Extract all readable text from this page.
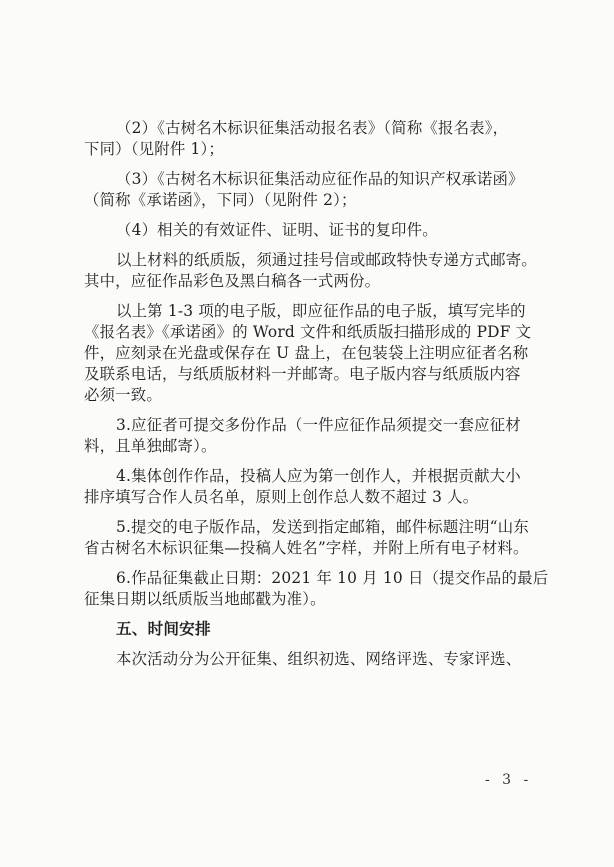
（2）《古树名木标识征集活动报名表》（简称《报名表》，
下同）（见附件 1）；
（3）《古树名木标识征集活动应征作品的知识产权承诺函》
（简称《承诺函》，下同）（见附件 2）；
（4）相关的有效证件、证明、证书的复印件。
以上材料的纸质版，须通过挂号信或邮政特快专递方式邮寄。
其中，应征作品彩色及黑白稿各一式两份。
以上第 1-3 项的电子版，即应征作品的电子版，填写完毕的
《报名表》《承诺函》的 Word 文件和纸质版扫描形成的 PDF 文
件，应刻录在光盘或保存在 U 盘上，在包装袋上注明应征者名称
及联系电话，与纸质版材料一并邮寄。电子版内容与纸质版内容
必须一致。
3.应征者可提交多份作品（一件应征作品须提交一套应征材
料，且单独邮寄）。
4.集体创作作品，投稿人应为第一创作人，并根据贡献大小
排序填写合作人员名单，原则上创作总人数不超过 3 人。
5.提交的电子版作品，发送到指定邮箱，邮件标题注明“山东
省古树名木标识征集—投稿人姓名”字样，并附上所有电子材料。
6.作品征集截止日期：2021 年 10 月 10 日（提交作品的最后
征集日期以纸质版当地邮戳为准）。
五、时间安排
本次活动分为公开征集、组织初选、网络评选、专家评选、
- 3 -
